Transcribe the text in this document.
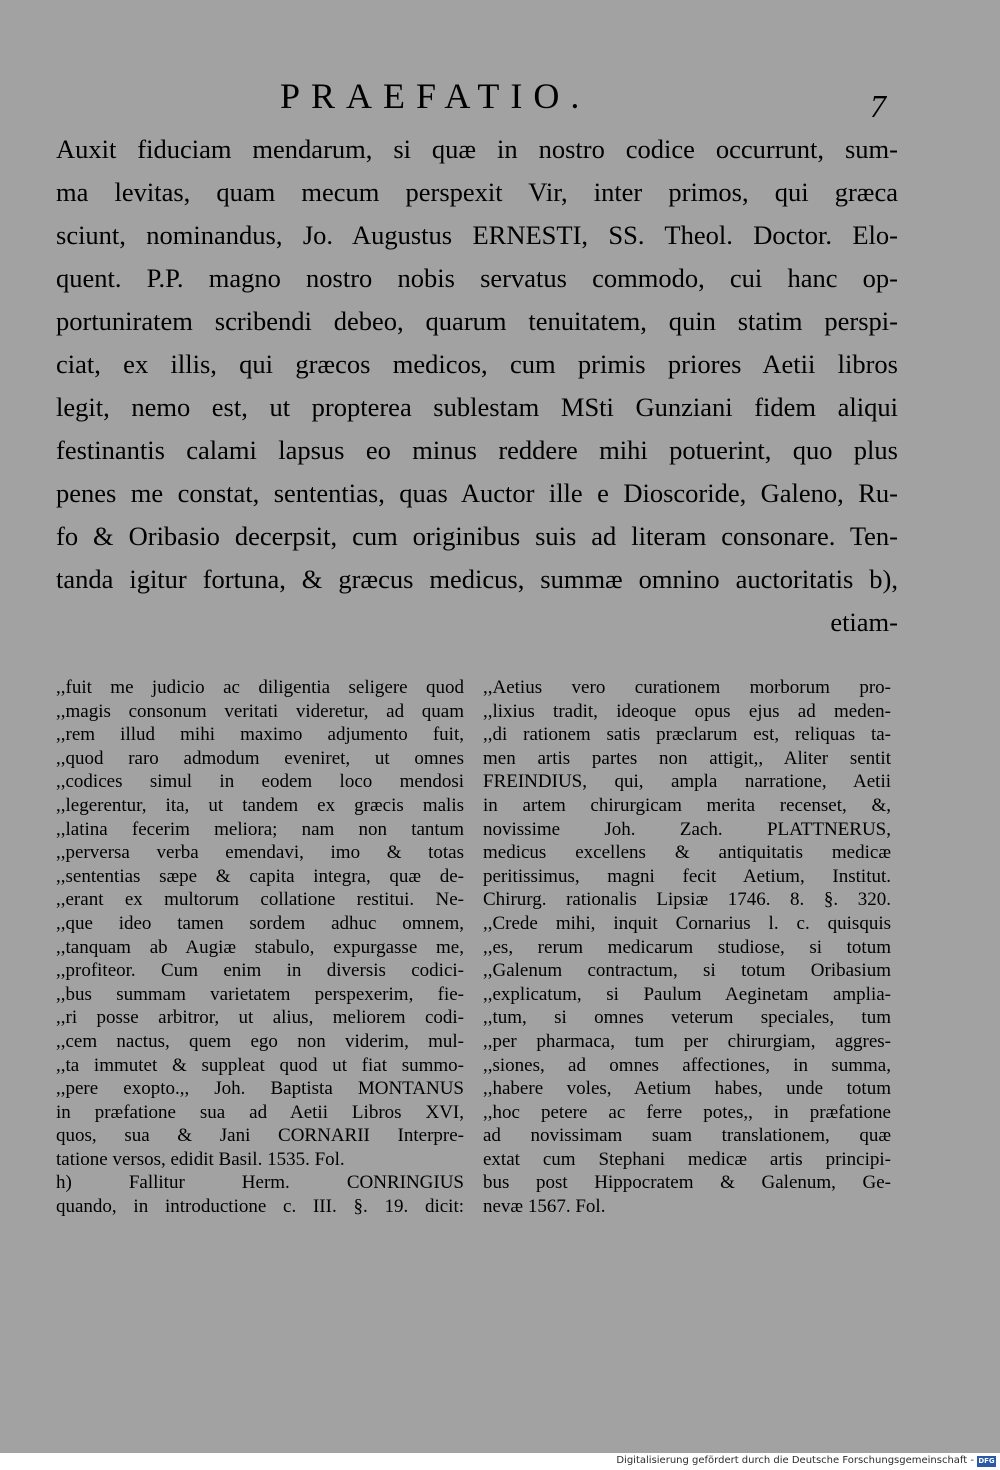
PRAEFATIO.	7
Auxit fiduciam mendarum, si quæ in nostro codice occurrunt, sum-
ma levitas, quam mecum perspexit Vir, inter primos, qui græca
sciunt, nominandus, Jo. Augustus ERNESTI, SS. Theol. Doctor. Elo-
quent. P.P. magno nostro nobis servatus commodo, cui hanc op-
portuniratem scribendi debeo, quarum tenuitatem, quin statim perspi-
ciat, ex illis, qui græcos medicos, cum primis priores Aetii libros
legit, nemo est, ut propterea sublestam MSti Gunziani fidem aliqui
festinantis calami lapsus eo minus reddere mihi potuerint, quo plus
penes me constat, sententias, quas Auctor ille e Dioscoride, Galeno, Ru-
fo & Oribasio decerpsit, cum originibus suis ad literam consonare. Ten-
tanda igitur fortuna, & græcus medicus, summæ omnino auctoritatis b),
etiam-
,,fuit me judicio ac diligentia seligere quod
,,magis consonum veritati videretur, ad quam
,,rem illud mihi maximo adjumento fuit,
,,quod raro admodum eveniret, ut omnes
,,codices simul in eodem loco mendosi
,,legerentur, ita, ut tandem ex græcis malis
,,latina fecerim meliora; nam non tantum
,,perversa verba emendavi, imo & totas
,,sententias sæpe & capita integra, quæ de-
,,erant ex multorum collatione restitui. Ne-
,,que ideo tamen sordem adhuc omnem,
,,tanquam ab Augiæ stabulo, expurgasse me,
,,profiteor. Cum enim in diversis codici-
,,bus summam varietatem perspexerim, fie-
,,ri posse arbitror, ut alius, meliorem codi-
,,cem nactus, quem ego non viderim, mul-
,,ta immutet & suppleat quod ut fiat summo-
,,pere exopto.,, Joh. Baptista MONTANUS
in præfatione sua ad Aetii Libros XVI,
quos, sua & Jani CORNARII Interpre-
tatione versos, edidit Basil. 1535. Fol.
h) Fallitur Herm. CONRINGIUS
quando, in introductione c. III. §. 19. dicit:
,,Aetius vero curationem morborum pro-
,,lixius tradit, ideoque opus ejus ad meden-
,,di rationem satis præclarum est, reliquas ta-
men artis partes non attigit,, Aliter sentit
FREINDIUS, qui, ampla narratione, Aetii
in artem chirurgicam merita recenset, &,
novissime Joh. Zach. PLATTNERUS,
medicus excellens & antiquitatis medicæ
peritissimus, magni fecit Aetium, Institut.
Chirurg. rationalis Lipsiæ 1746. 8. §. 320.
,,Crede mihi, inquit Cornarius l. c. quisquis
,,es, rerum medicarum studiose, si totum
,,Galenum contractum, si totum Oribasium
,,explicatum, si Paulum Aeginetam amplia-
,,tum, si omnes veterum speciales, tum
,,per pharmaca, tum per chirurgiam, aggres-
,,siones, ad omnes affectiones, in summa,
,,habere voles, Aetium habes, unde totum
,,hoc petere ac ferre potes,, in præfatione
ad novissimam suam translationem, quæ
extat cum Stephani medicæ artis principi-
bus post Hippocratem & Galenum, Ge-
nevæ 1567. Fol.
Digitalisierung gefördert durch die Deutsche Forschungsgemeinschaft - DFG
